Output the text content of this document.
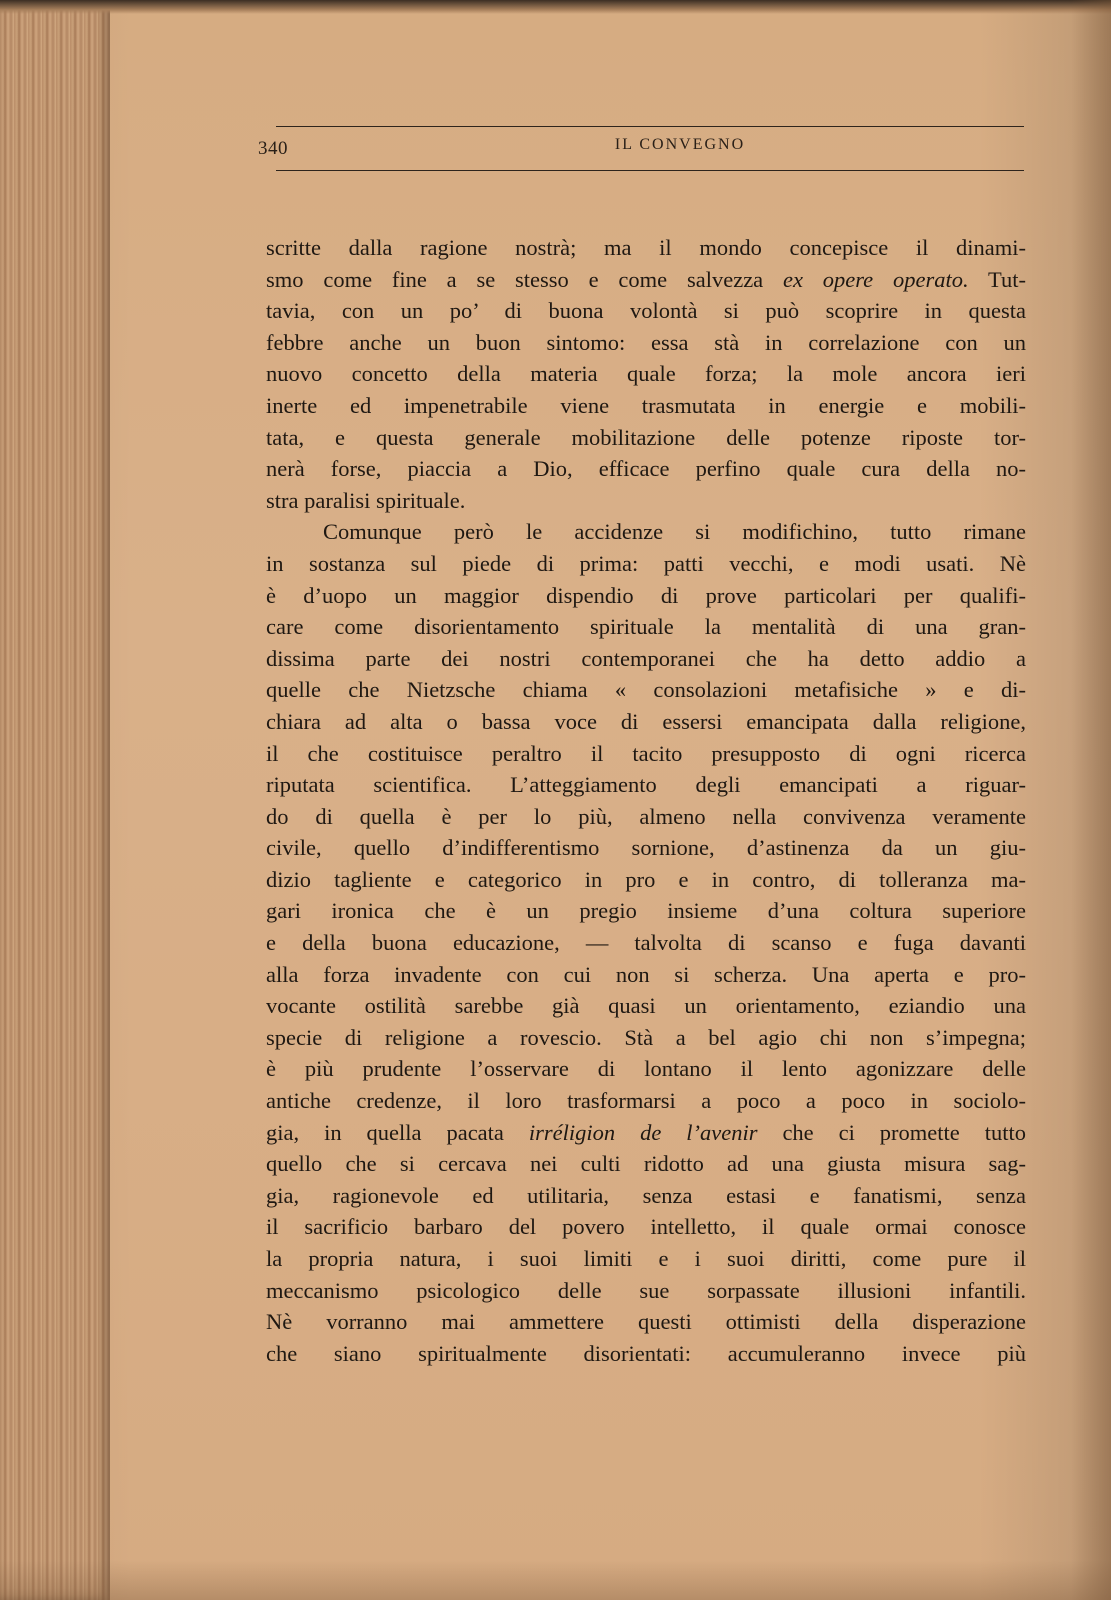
340	IL CONVEGNO
scritte dalla ragione nostrà; ma il mondo concepisce il dinami-
smo come fine a se stesso e come salvezza ex opere operato. Tut-
tavia, con un po’ di buona volontà si può scoprire in questa
febbre anche un buon sintomo: essa stà in correlazione con un
nuovo concetto della materia quale forza; la mole ancora ieri
inerte ed impenetrabile viene trasmutata in energie e mobili-
tata, e questa generale mobilitazione delle potenze riposte tor-
nerà forse, piaccia a Dio, efficace perfino quale cura della no-
stra paralisi spirituale.
Comunque però le accidenze si modifichino, tutto rimane
in sostanza sul piede di prima: patti vecchi, e modi usati. Nè
è d’uopo un maggior dispendio di prove particolari per qualifi-
care come disorientamento spirituale la mentalità di una gran-
dissima parte dei nostri contemporanei che ha detto addio a
quelle che Nietzsche chiama « consolazioni metafisiche » e di-
chiara ad alta o bassa voce di essersi emancipata dalla religione,
il che costituisce peraltro il tacito presupposto di ogni ricerca
riputata scientifica. L’atteggiamento degli emancipati a riguar-
do di quella è per lo più, almeno nella convivenza veramente
civile, quello d’indifferentismo sornione, d’astinenza da un giu-
dizio tagliente e categorico in pro e in contro, di tolleranza ma-
gari ironica che è un pregio insieme d’una coltura superiore
e della buona educazione, — talvolta di scanso e fuga davanti
alla forza invadente con cui non si scherza. Una aperta e pro-
vocante ostilità sarebbe già quasi un orientamento, eziandio una
specie di religione a rovescio. Stà a bel agio chi non s’impegna;
è più prudente l’osservare di lontano il lento agonizzare delle
antiche credenze, il loro trasformarsi a poco a poco in sociolo-
gia, in quella pacata irréligion de l’avenir che ci promette tutto
quello che si cercava nei culti ridotto ad una giusta misura sag-
gia, ragionevole ed utilitaria, senza estasi e fanatismi, senza
il sacrificio barbaro del povero intelletto, il quale ormai conosce
la propria natura, i suoi limiti e i suoi diritti, come pure il
meccanismo psicologico delle sue sorpassate illusioni infantili.
Nè vorranno mai ammettere questi ottimisti della disperazione
che siano spiritualmente disorientati: accumuleranno invece più
